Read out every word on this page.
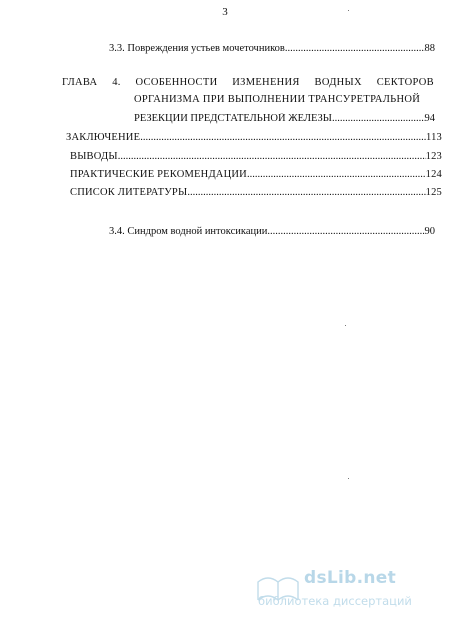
3
3.3. Повреждения устьев мочеточников .....	88
ГЛАВА 4. ОСОБЕННОСТИ ИЗМЕНЕНИЯ ВОДНЫХ СЕКТОРОВ
ОРГАНИЗМА ПРИ ВЫПОЛНЕНИИ ТРАНСУРЕТРАЛЬНОЙ
РЕЗЕКЦИИ ПРЕДСТАТЕЛЬНОЙ ЖЕЛЕЗЫ .....	94
ЗАКЛЮЧЕНИЕ .....	113
ВЫВОДЫ .....	123
ПРАКТИЧЕСКИЕ РЕКОМЕНДАЦИИ .....	124
СПИСОК ЛИТЕРАТУРЫ .....	125
3.4. Синдром водной интоксикации .....	90
dsLib.net
библиотека диссертаций
